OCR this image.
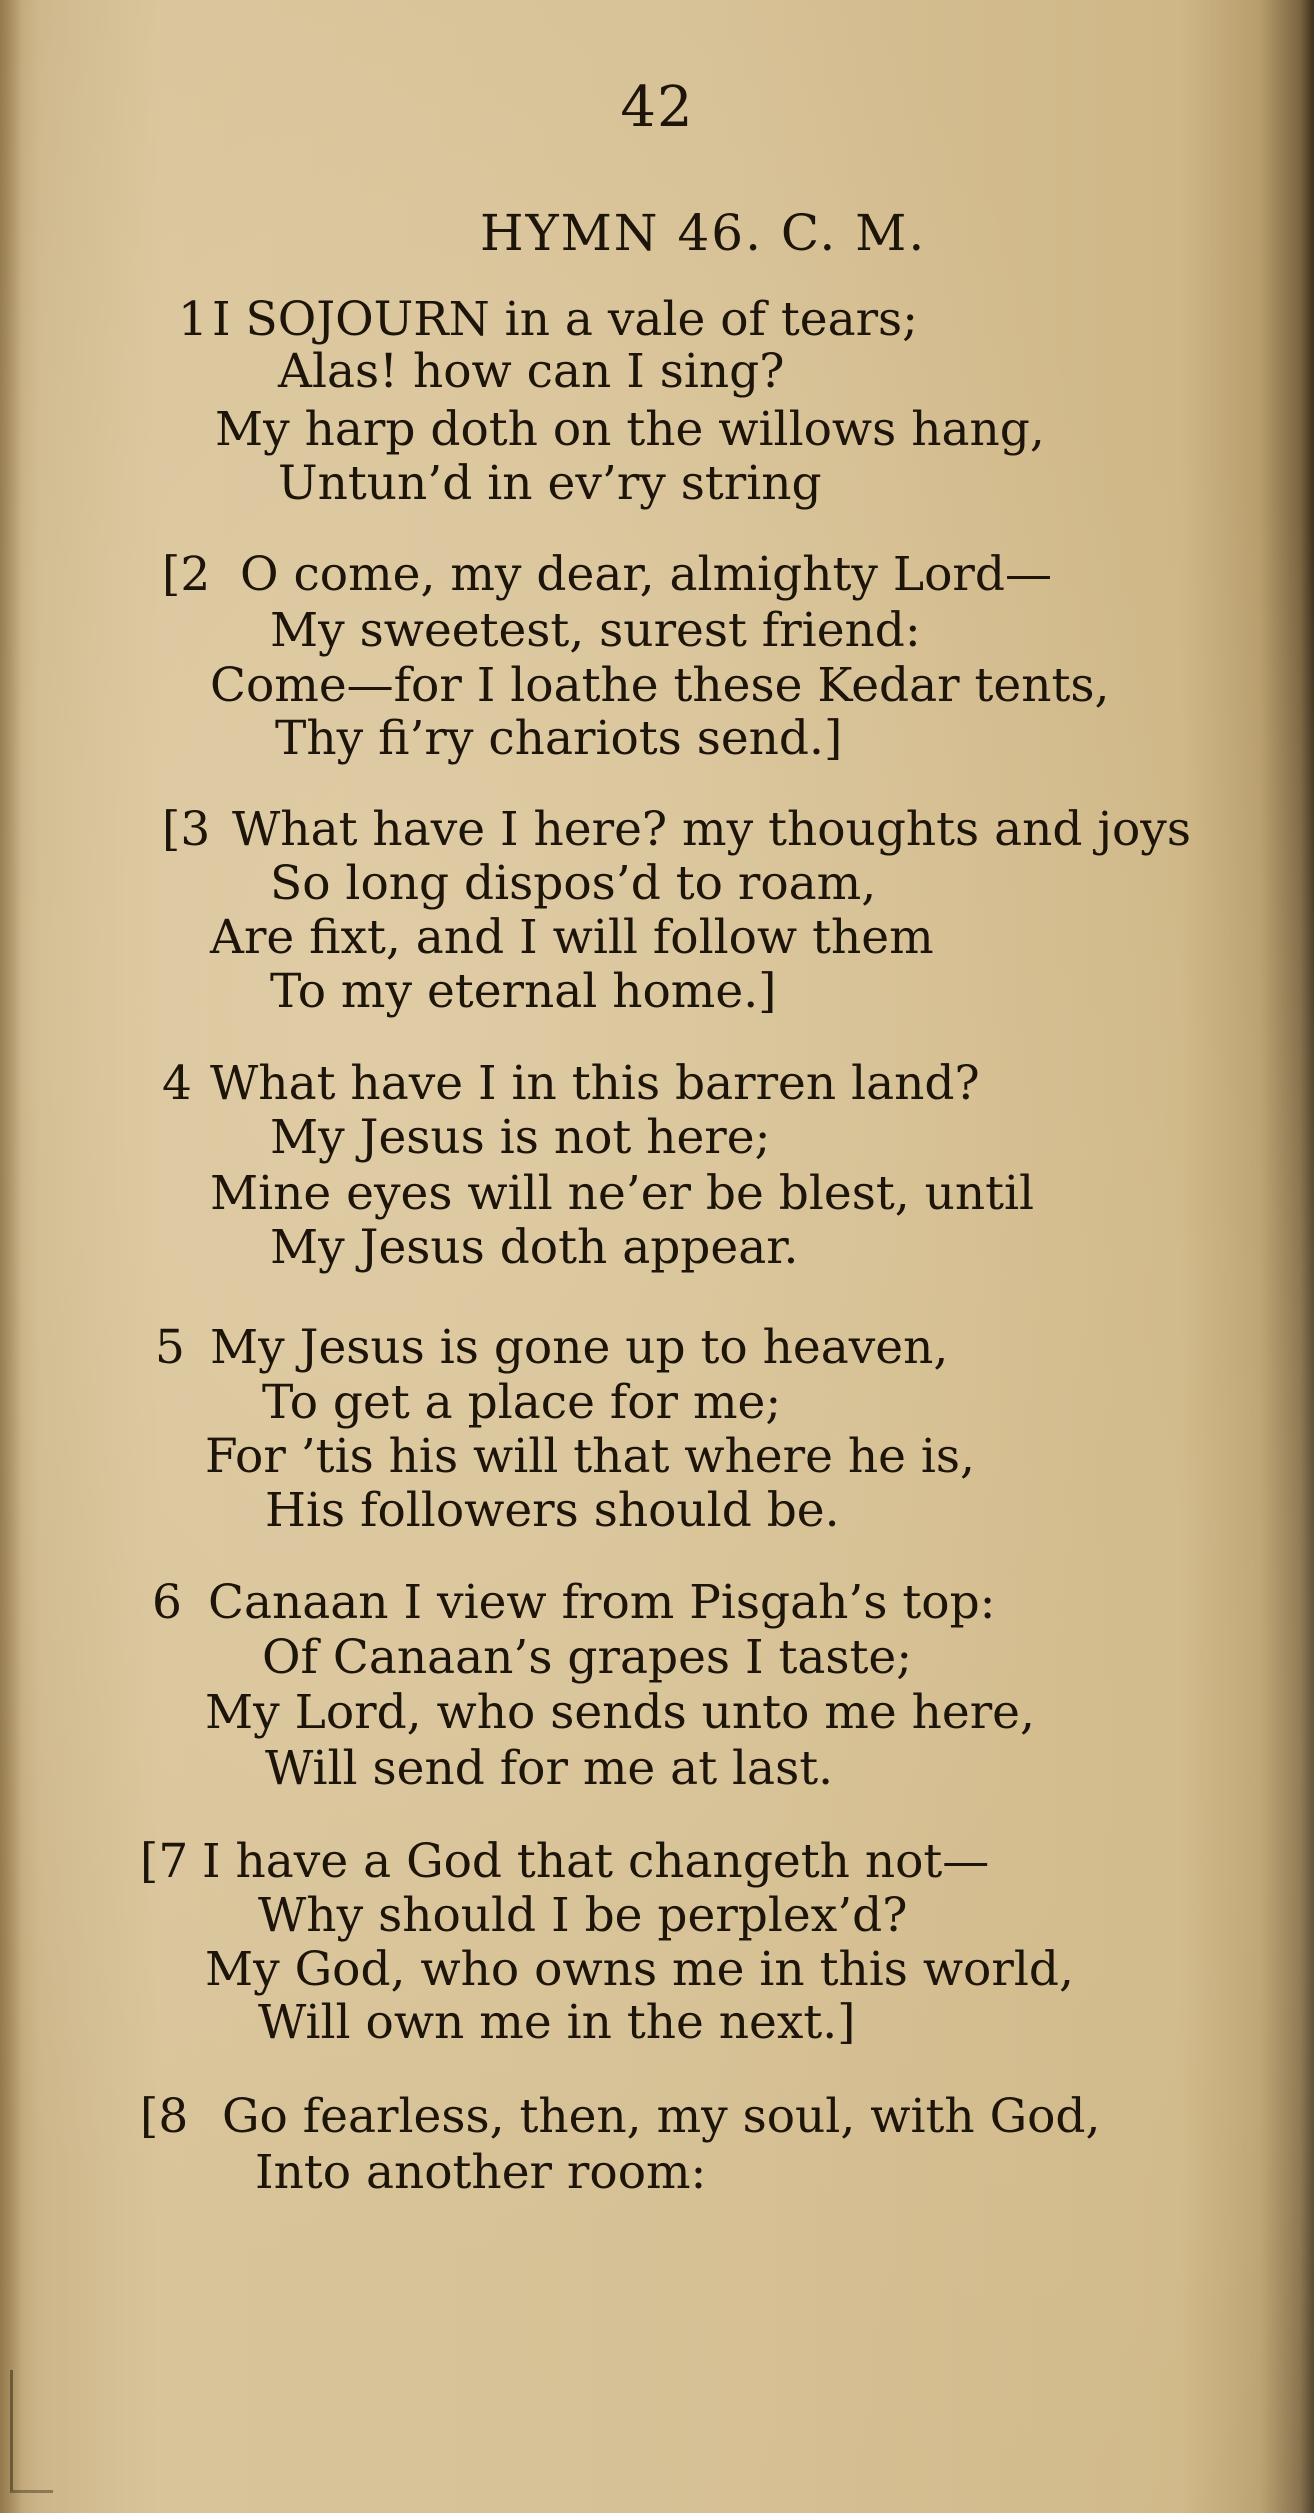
42
HYMN 46. C. M.
1 I SOJOURN in a vale of tears;
Alas! how can I sing?
My harp doth on the willows hang,
Untun’d in ev’ry string
[2 O come, my dear, almighty Lord—
My sweetest, surest friend:
Come—for I loathe these Kedar tents,
Thy fi’ry chariots send.]
[3 What have I here? my thoughts and joys
So long dispos’d to roam,
Are fixt, and I will follow them
To my eternal home.]
4 What have I in this barren land?
My Jesus is not here;
Mine eyes will ne’er be blest, until
My Jesus doth appear.
5 My Jesus is gone up to heaven,
To get a place for me;
For ’tis his will that where he is,
His followers should be.
6 Canaan I view from Pisgah’s top:
Of Canaan’s grapes I taste;
My Lord, who sends unto me here,
Will send for me at last.
[7 I have a God that changeth not—
Why should I be perplex’d?
My God, who owns me in this world,
Will own me in the next.]
[8 Go fearless, then, my soul, with God,
Into another room:
